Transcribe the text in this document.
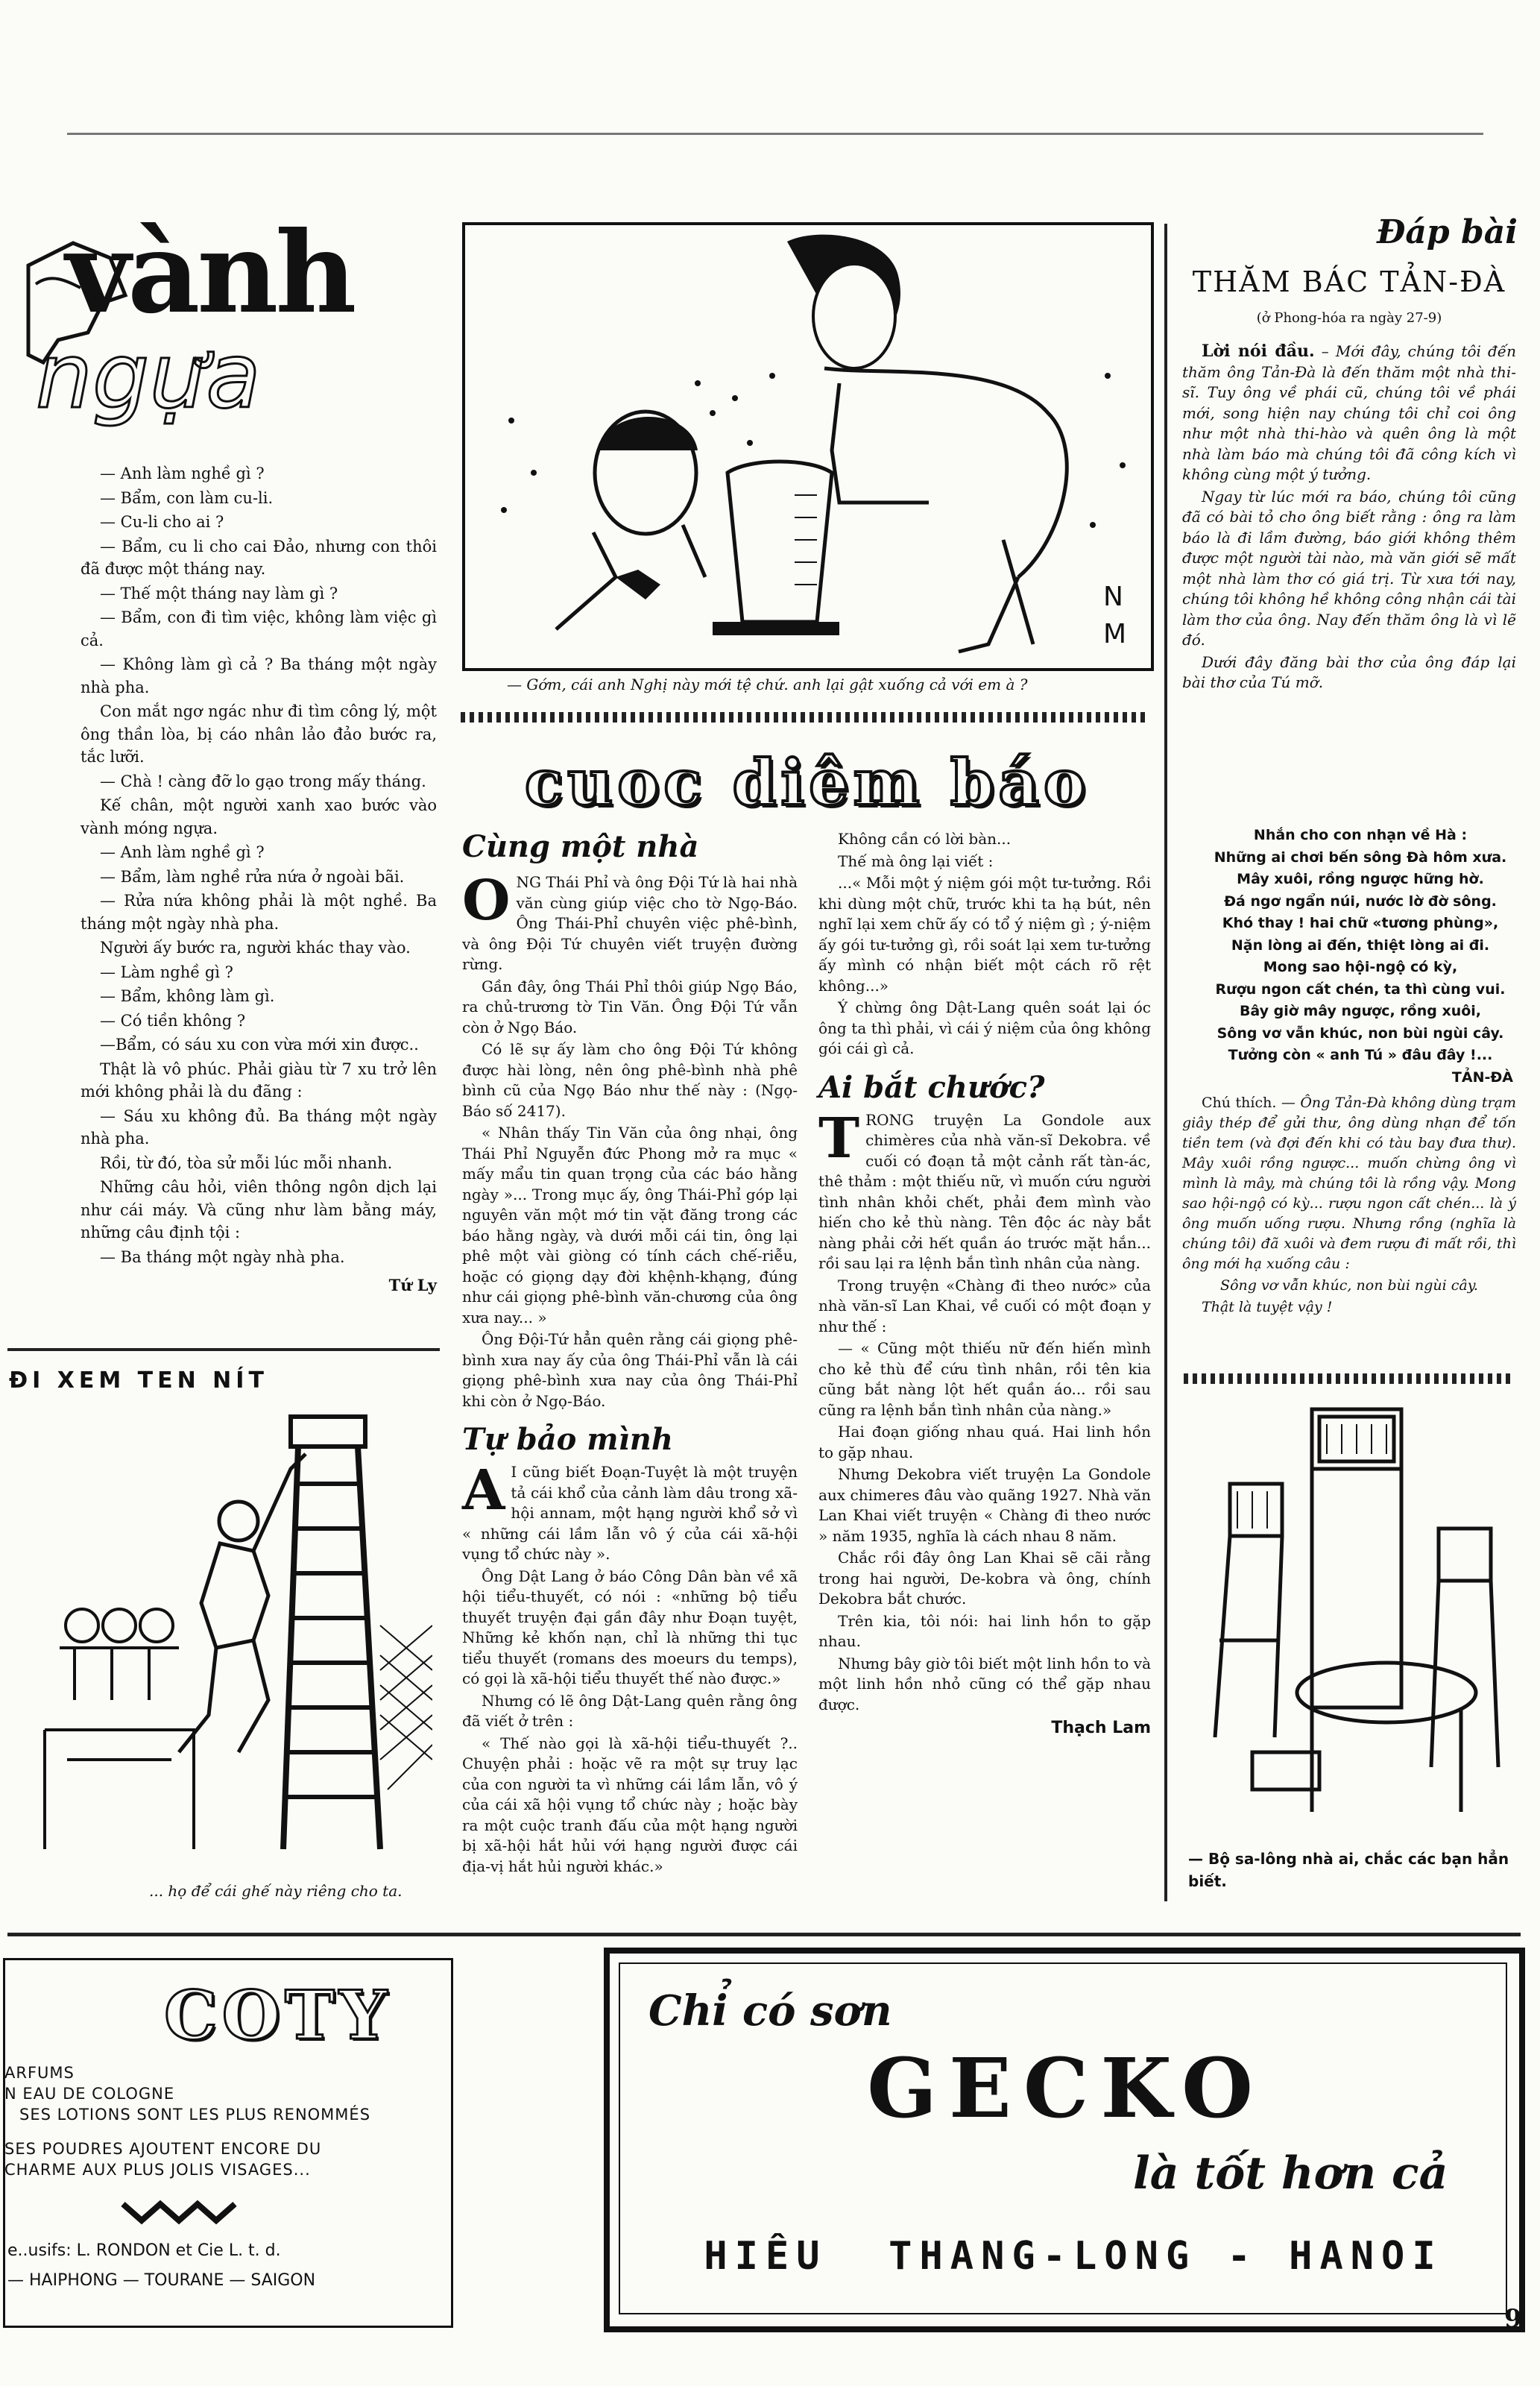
vành
ngựa

— Anh làm nghề gì ?

— Bẩm, con làm cu-li.

— Cu-li cho ai ?

— Bẩm, cu li cho cai Đảo, nhưng con thôi đã được một tháng nay.

— Thế một tháng nay làm gì ?

— Bẩm, con đi tìm việc, không làm việc gì cả.

— Không làm gì cả ? Ba tháng một ngày nhà pha.

Con mắt ngơ ngác như đi tìm công lý, một ông thần lòa, bị cáo nhân lảo đảo bước ra, tắc lưỡi.

— Chà ! càng đỡ lo gạo trong mấy tháng.

Kế chân, một người xanh xao bước vào vành móng ngựa.

— Anh làm nghề gì ?

— Bẩm, làm nghề rửa nứa ở ngoài bãi.

— Rửa nứa không phải là một nghề. Ba tháng một ngày nhà pha.

Người ấy bước ra, người khác thay vào.

— Làm nghề gì ?

— Bẩm, không làm gì.

— Có tiền không ?

—Bẩm, có sáu xu con vừa mới xin được..

Thật là vô phúc. Phải giàu từ 7 xu trở lên mới không phải là du đãng :

— Sáu xu không đủ. Ba tháng một ngày nhà pha.

Rồi, từ đó, tòa sử mỗi lúc mỗi nhanh.

Những câu hỏi, viên thông ngôn dịch lại như cái máy. Và cũng như làm bằng máy, những câu định tội :

— Ba tháng một ngày nhà pha.

Tứ Ly

ĐI XEM TEN NÍT
... họ để cái ghế này riêng cho ta.
N
M
— Gớm, cái anh Nghị này mới tệ chứ. anh lại gật xuống cả với em à ?
cuoc diêm báo
Cùng một nhà
O NG Thái Phỉ và ông Đội Tứ là hai nhà văn cùng giúp việc cho tờ Ngọ-Báo. Ông Thái-Phỉ chuyên việc phê-bình, và ông Đội Tứ chuyên viết truyện đường rừng.

Gần đây, ông Thái Phỉ thôi giúp Ngọ Báo, ra chủ-trương tờ Tin Văn. Ông Đội Tứ vẫn còn ở Ngọ Báo.

Có lẽ sự ấy làm cho ông Đội Tứ không được hài lòng, nên ông phê-bình nhà phê bình cũ của Ngọ Báo như thế này : (Ngọ-Báo số 2417).

« Nhân thấy Tin Văn của ông nhại, ông Thái Phỉ Nguyễn đức Phong mở ra mục « mấy mẩu tin quan trọng của các báo hằng ngày »... Trong mục ấy, ông Thái-Phỉ góp lại nguyên văn một mớ tin vặt đăng trong các báo hằng ngày, và dưới mỗi cái tin, ông lại phê một vài giòng có tính cách chế-riễu, hoặc có giọng dạy đời khệnh-khạng, đúng như cái giọng phê-bình văn-chương của ông xưa nay... »

Ông Đội-Tứ hẳn quên rằng cái giọng phê-bình xưa nay ấy của ông Thái-Phỉ vẫn là cái giọng phê-bình xưa nay của ông Thái-Phỉ khi còn ở Ngọ-Báo.

Tự bảo mình
A I cũng biết Đoạn-Tuyệt là một truyện tả cái khổ của cảnh làm dâu trong xã-hội annam, một hạng người khổ sở vì « những cái lầm lẫn vô ý của cái xã-hội vụng tổ chức này ».

Ông Dật Lang ở báo Công Dân bàn về xã hội tiểu-thuyết, có nói : «những bộ tiểu thuyết truyện đại gần đây như Đoạn tuyệt, Những kẻ khốn nạn, chỉ là những thi tục tiểu thuyết (romans des moeurs du temps), có gọi là xã-hội tiểu thuyết thế nào được.»

Nhưng có lẽ ông Dật-Lang quên rằng ông đã viết ở trên :

« Thế nào gọi là xã-hội tiểu-thuyết ?.. Chuyện phải : hoặc vẽ ra một sự truy lạc của con người ta vì những cái lầm lẫn, vô ý của cái xã hội vụng tổ chức này ; hoặc bày ra một cuộc tranh đấu của một hạng người bị xã-hội hắt hủi với hạng người được cái địa-vị hắt hủi người khác.»

Không cần có lời bàn...

Thế mà ông lại viết :

...« Mỗi một ý niệm gói một tư-tưởng. Rồi khi dùng một chữ, trước khi ta hạ bút, nên nghĩ lại xem chữ ấy có tổ ý niệm gì ; ý-niệm ấy gói tư-tưởng gì, rồi soát lại xem tư-tưởng ấy mình có nhận biết một cách rõ rệt không...»

Ý chừng ông Dật-Lang quên soát lại óc ông ta thì phải, vì cái ý niệm của ông không gói cái gì cả.

Ai bắt chước?
T RONG truyện La Gondole aux chimères của nhà văn-sĩ Dekobra. về cuối có đoạn tả một cảnh rất tàn-ác, thê thảm : một thiếu nữ, vì muốn cứu người tình nhân khỏi chết, phải đem mình vào hiến cho kẻ thù nàng. Tên độc ác này bắt nàng phải cởi hết quần áo trước mặt hắn... rồi sau lại ra lệnh bắn tình nhân của nàng.

Trong truyện «Chàng đi theo nước» của nhà văn-sĩ Lan Khai, về cuối có một đoạn y như thế :

— « Cũng một thiếu nữ đến hiến mình cho kẻ thù để cứu tình nhân, rồi tên kia cũng bắt nàng lột hết quần áo... rồi sau cũng ra lệnh bắn tình nhân của nàng.»

Hai đoạn giống nhau quá. Hai linh hồn to gặp nhau.

Nhưng Dekobra viết truyện La Gondole aux chimeres đâu vào quãng 1927. Nhà văn Lan Khai viết truyện « Chàng đi theo nước » năm 1935, nghĩa là cách nhau 8 năm.

Chắc rồi đây ông Lan Khai sẽ cãi rằng trong hai người, De-kobra và ông, chính Dekobra bắt chước.

Trên kia, tôi nói: hai linh hồn to gặp nhau.

Nhưng bây giờ tôi biết một linh hồn to và một linh hồn nhỏ cũng có thể gặp nhau được.

Thạch Lam

Đáp bài
THĂM BÁC TẢN-ĐÀ
(ở Phong-hóa ra ngày 27-9)

Lời nói đầu. – Mới đây, chúng tôi đến thăm ông Tản-Đà là đến thăm một nhà thi-sĩ. Tuy ông về phái cũ, chúng tôi về phái mới, song hiện nay chúng tôi chỉ coi ông như một nhà thi-hào và quên ông là một nhà làm báo mà chúng tôi đã công kích vì không cùng một ý tưởng.

Ngay từ lúc mới ra báo, chúng tôi cũng đã có bài tỏ cho ông biết rằng : ông ra làm báo là đi lầm đường, báo giới không thêm được một người tài nào, mà văn giới sẽ mất một nhà làm thơ có giá trị. Từ xưa tới nay, chúng tôi không hề không công nhận cái tài làm thơ của ông. Nay đến thăm ông là vì lẽ đó.

Dưới đây đăng bài thơ của ông đáp lại bài thơ của Tú mỡ.

Nhắn cho con nhạn về Hà :
Những ai chơi bến sông Đà hôm xưa.
Mây xuôi, rồng ngược hững hờ.
Đá ngơ ngẩn núi, nước lờ đờ sông.
Khó thay ! hai chữ «tương phùng»,
Nặn lòng ai đến, thiệt lòng ai đi.
Mong sao hội-ngộ có kỳ,
Rượu ngon cất chén, ta thì cùng vui.
Bây giờ mây ngược, rồng xuôi,
Sông vơ vẫn khúc, non bùi ngùi cây.
Tưởng còn « anh Tú » đâu đây !...
TẢN-ĐÀ

Chú thích. — Ông Tản-Đà không dùng trạm giây thép để gửi thư, ông dùng nhạn để tốn tiền tem (và đợi đến khi có tàu bay đưa thư). Mây xuôi rồng ngược... muốn chừng ông vì mình là mây, mà chúng tôi là rồng vậy. Mong sao hội-ngộ có kỳ... rượu ngon cất chén... là ý ông muốn uống rượu. Nhưng rồng (nghĩa là chúng tôi) đã xuôi và đem rượu đi mất rồi, thì ông mới hạ xuống câu :

Sông vơ vẫn khúc, non bùi ngùi cây.

Thật là tuyệt vậy !

— Bộ sa-lông nhà ai, chắc các bạn hẳn biết.
COTY
ARFUMS
N EAU DE COLOGNE
SES LOTIONS SONT LES PLUS RENOMMÉS
SES POUDRES AJOUTENT ENCORE DU
CHARME AUX PLUS JOLIS VISAGES...
e..usifs: L. RONDON et Cie L. t. d.
— HAIPHONG — TOURANE — SAIGON
Chỉ có sơn
GECKO
là tốt hơn cả
HIÊU  THANG-LONG - HANOI
9
